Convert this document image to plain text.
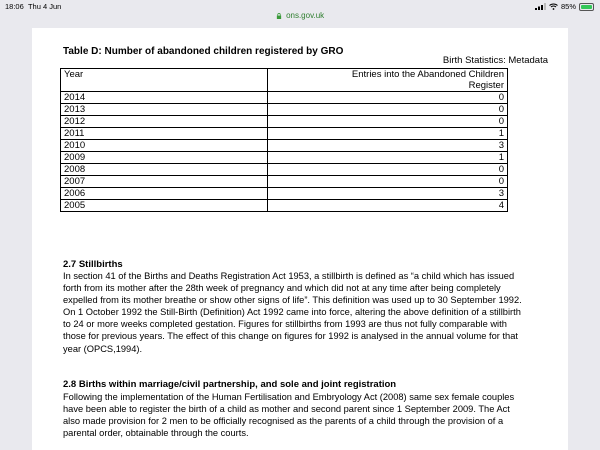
18:06 Thu 4 Jun	85%
ons.gov.uk
Birth Statistics: Metadata
Table D: Number of abandoned children registered by GRO
Year	Entries into the Abandoned Children Register
2014	0
2013	0
2012	0
2011	1
2010	3
2009	1
2008	0
2007	0
2006	3
2005	4
2.7 Stillbirths
In section 41 of the Births and Deaths Registration Act 1953, a stillbirth is defined as “a child which has issued forth from its mother after the 28th week of pregnancy and which did not at any time after being completely expelled from its mother breathe or show other signs of life”. This definition was used up to 30 September 1992. On 1 October 1992 the Still-Birth (Definition) Act 1992 came into force, altering the above definition of a stillbirth to 24 or more weeks completed gestation. Figures for stillbirths from 1993 are thus not fully comparable with those for previous years. The effect of this change on figures for 1992 is analysed in the annual volume for that year (OPCS,1994).
2.8 Births within marriage/civil partnership, and sole and joint registration
Following the implementation of the Human Fertilisation and Embryology Act (2008) same sex female couples have been able to register the birth of a child as mother and second parent since 1 September 2009. The Act also made provision for 2 men to be officially recognised as the parents of a child through the provision of a parental order, obtainable through the courts.
